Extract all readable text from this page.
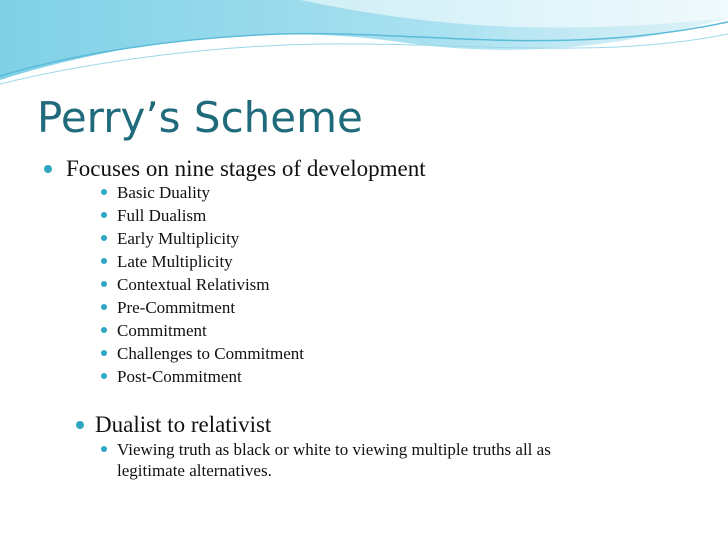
Perry’s Scheme
Focuses on nine stages of development
Basic Duality
Full Dualism
Early Multiplicity
Late Multiplicity
Contextual Relativism
Pre-Commitment
Commitment
Challenges to Commitment
Post-Commitment
Dualist to relativist
Viewing truth as black or white to viewing multiple truths all as
legitimate alternatives.
